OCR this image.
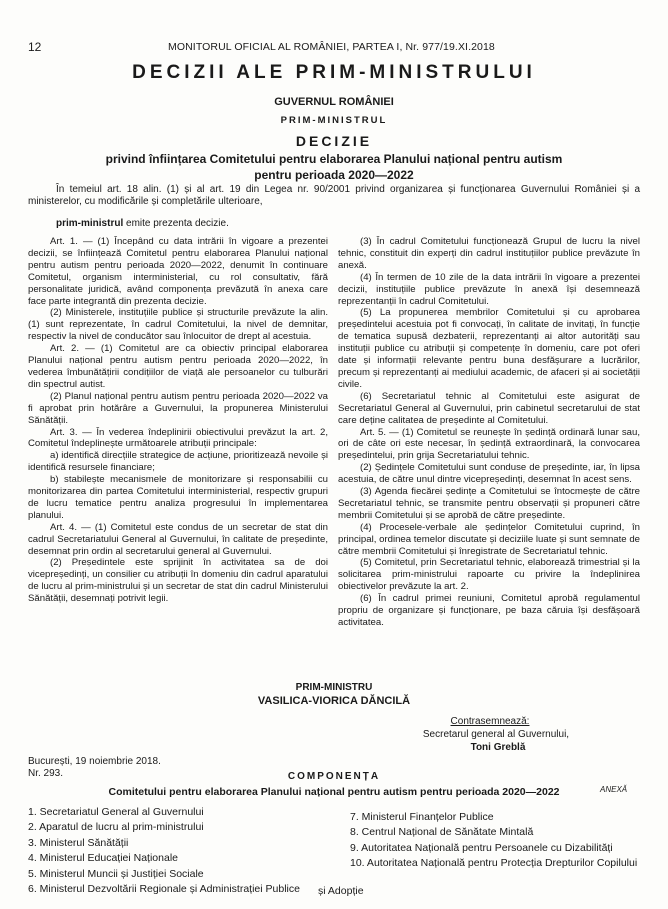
12	MONITORUL OFICIAL AL ROMÂNIEI, PARTEA I, Nr. 977/19.XI.2018
DECIZII ALE PRIM-MINISTRULUI
GUVERNUL ROMÂNIEI
PRIM-MINISTRUL
DECIZIE
privind înființarea Comitetului pentru elaborarea Planului național pentru autism
pentru perioada 2020—2022
În temeiul art. 18 alin. (1) și al art. 19 din Legea nr. 90/2001 privind organizarea și funcționarea Guvernului României și a ministerelor, cu modificările și completările ulterioare,
prim-ministrul emite prezenta decizie.

Art. 1. — (1) Începând cu data intrării în vigoare a prezentei decizii, se înființează Comitetul pentru elaborarea Planului național pentru autism pentru perioada 2020—2022, denumit în continuare Comitetul, organism interministerial, cu rol consultativ, fără personalitate juridică, având componența prevăzută în anexa care face parte integrantă din prezenta decizie.

(2) Ministerele, instituțiile publice și structurile prevăzute la alin. (1) sunt reprezentate, în cadrul Comitetului, la nivel de demnitar, respectiv la nivel de conducător sau înlocuitor de drept al acestuia.

Art. 2. — (1) Comitetul are ca obiectiv principal elaborarea Planului național pentru autism pentru perioada 2020—2022, în vederea îmbunătățirii condițiilor de viață ale persoanelor cu tulburări din spectrul autist.

(2) Planul național pentru autism pentru perioada 2020—2022 va fi aprobat prin hotărâre a Guvernului, la propunerea Ministerului Sănătății.

Art. 3. — În vederea îndeplinirii obiectivului prevăzut la art. 2, Comitetul îndeplinește următoarele atribuții principale:

a) identifică direcțiile strategice de acțiune, prioritizează nevoile și identifică resursele financiare;

b) stabilește mecanismele de monitorizare și responsabilii cu monitorizarea din partea Comitetului interministerial, respectiv grupuri de lucru tematice pentru analiza progresului în implementarea planului.

Art. 4. — (1) Comitetul este condus de un secretar de stat din cadrul Secretariatului General al Guvernului, în calitate de președinte, desemnat prin ordin al secretarului general al Guvernului.

(2) Președintele este sprijinit în activitatea sa de doi vicepreședinți, un consilier cu atribuții în domeniu din cadrul aparatului de lucru al prim-ministrului și un secretar de stat din cadrul Ministerului Sănătății, desemnați potrivit legii.

(3) În cadrul Comitetului funcționează Grupul de lucru la nivel tehnic, constituit din experți din cadrul instituțiilor publice prevăzute în anexă.

(4) În termen de 10 zile de la data intrării în vigoare a prezentei decizii, instituțiile publice prevăzute în anexă își desemnează reprezentanții în cadrul Comitetului.

(5) La propunerea membrilor Comitetului și cu aprobarea președintelui acestuia pot fi convocați, în calitate de invitați, în funcție de tematica supusă dezbaterii, reprezentanți ai altor autorități sau instituții publice cu atribuții și competențe în domeniu, care pot oferi date și informații relevante pentru buna desfășurare a lucrărilor, precum și reprezentanți ai mediului academic, de afaceri și ai societății civile.

(6) Secretariatul tehnic al Comitetului este asigurat de Secretariatul General al Guvernului, prin cabinetul secretarului de stat care deține calitatea de președinte al Comitetului.

Art. 5. — (1) Comitetul se reunește în ședință ordinară lunar sau, ori de câte ori este necesar, în ședință extraordinară, la convocarea președintelui, prin grija Secretariatului tehnic.

(2) Ședințele Comitetului sunt conduse de președinte, iar, în lipsa acestuia, de către unul dintre vicepreședinți, desemnat în acest sens.

(3) Agenda fiecărei ședințe a Comitetului se întocmește de către Secretariatul tehnic, se transmite pentru observații și propuneri către membrii Comitetului și se aprobă de către președinte.

(4) Procesele-verbale ale ședințelor Comitetului cuprind, în principal, ordinea temelor discutate și deciziile luate și sunt semnate de către membrii Comitetului și înregistrate de Secretariatul tehnic.

(5) Comitetul, prin Secretariatul tehnic, elaborează trimestrial și la solicitarea prim-ministrului rapoarte cu privire la îndeplinirea obiectivelor prevăzute la art. 2.

(6) În cadrul primei reuniuni, Comitetul aprobă regulamentul propriu de organizare și funcționare, pe baza căruia își desfășoară activitatea.

PRIM-MINISTRU
VASILICA-VIORICA DĂNCILĂ
Contrasemnează:
Secretarul general al Guvernului,
Toni Greblă
București, 19 noiembrie 2018.
Nr. 293.
ANEXĂ
COMPONENȚA
Comitetului pentru elaborarea Planului național pentru autism pentru perioada 2020—2022
1. Secretariatul General al Guvernului
2. Aparatul de lucru al prim-ministrului
3. Ministerul Sănătății
4. Ministerul Educației Naționale
5. Ministerul Muncii și Justiției Sociale
6. Ministerul Dezvoltării Regionale și Administrației Publice
7. Ministerul Finanțelor Publice
8. Centrul Național de Sănătate Mintală
9. Autoritatea Națională pentru Persoanele cu Dizabilități
10. Autoritatea Națională pentru Protecția Drepturilor Copilului
și Adopție
